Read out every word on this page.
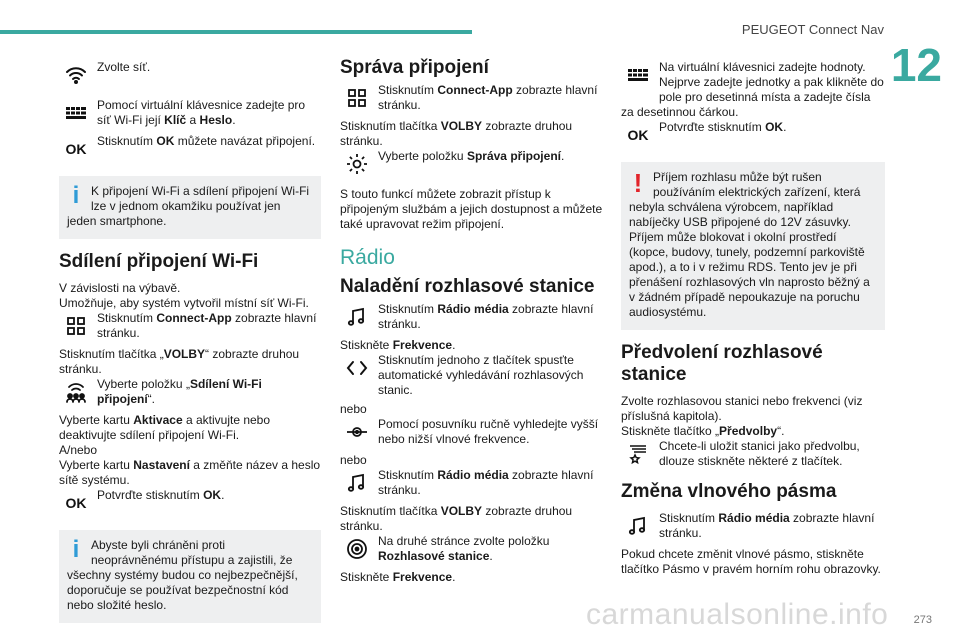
PEUGEOT Connect Nav
12
273
carmanualsonline.info
Zvolte síť.
Pomocí virtuální klávesnice zadejte pro síť Wi-Fi její Klíč a Heslo.
OK Stisknutím OK můžete navázat připojení.
i K připojení Wi-Fi a sdílení připojení Wi-Fi lze v jednom okamžiku používat jen jeden smartphone.
Sdílení připojení Wi-Fi

V závislosti na výbavě.

Umožňuje, aby systém vytvořil místní síť Wi-Fi.

Stisknutím Connect-App zobrazte hlavní stránku.

Stisknutím tlačítka „VOLBY“ zobrazte druhou stránku.

Vyberte položku „Sdílení Wi-Fi připojení“.

Vyberte kartu Aktivace a aktivujte nebo deaktivujte sdílení připojení Wi-Fi.

A/nebo

Vyberte kartu Nastavení a změňte název a heslo sítě systému.

OK Potvrďte stisknutím OK.
i Abyste byli chráněni proti neoprávněnému přístupu a zajistili, že všechny systémy budou co nejbezpečnější, doporučuje se používat bezpečnostní kód nebo složité heslo.
Správa připojení
Stisknutím Connect-App zobrazte hlavní stránku.

Stisknutím tlačítka VOLBY zobrazte druhou stránku.

Vyberte položku Správa připojení.

S touto funkcí můžete zobrazit přístup k připojeným službám a jejich dostupnost a můžete také upravovat režim připojení.

Rádio
Naladění rozhlasové stanice
Stisknutím Rádio média zobrazte hlavní stránku.

Stiskněte Frekvence.

Stisknutím jednoho z tlačítek spusťte automatické vyhledávání rozhlasových stanic.

nebo

Pomocí posuvníku ručně vyhledejte vyšší nebo nižší vlnové frekvence.

nebo

Stisknutím Rádio média zobrazte hlavní stránku.

Stisknutím tlačítka VOLBY zobrazte druhou stránku.

Na druhé stránce zvolte položku Rozhlasové stanice.

Stiskněte Frekvence.

Na virtuální klávesnici zadejte hodnoty. Nejprve zadejte jednotky a pak klikněte do pole pro desetinná místa a zadejte čísla za desetinnou čárkou.
OK Potvrďte stisknutím OK.
! Příjem rozhlasu může být rušen používáním elektrických zařízení, která nebyla schválena výrobcem, například nabíječky USB připojené do 12V zásuvky. Příjem může blokovat i okolní prostředí (kopce, budovy, tunely, podzemní parkoviště apod.), a to i v režimu RDS. Tento jev je při přenášení rozhlasových vln naprosto běžný a v žádném případě nepoukazuje na poruchu audiosystému.
Předvolení rozhlasové stanice

Zvolte rozhlasovou stanici nebo frekvenci (viz příslušná kapitola).

Stiskněte tlačítko „Předvolby“.

Chcete-li uložit stanici jako předvolbu, dlouze stiskněte některé z tlačítek.
Změna vlnového pásma
Stisknutím Rádio média zobrazte hlavní stránku.

Pokud chcete změnit vlnové pásmo, stiskněte tlačítko Pásmo v pravém horním rohu obrazovky.
